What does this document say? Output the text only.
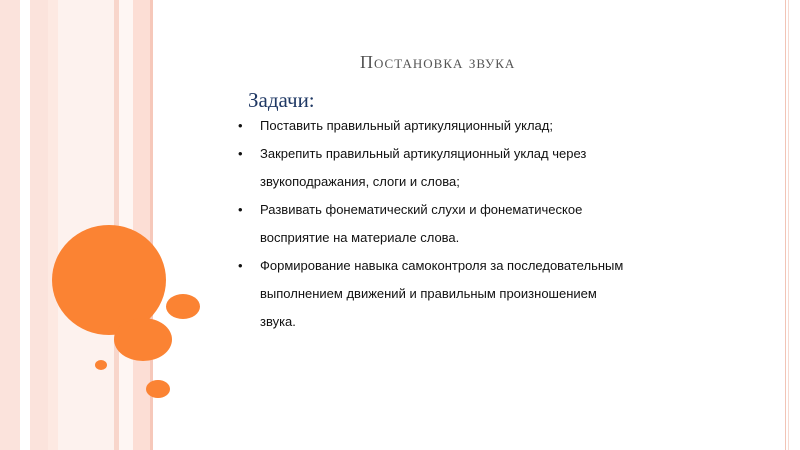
Постановка звука
Задачи:
• Поставить правильный артикуляционный уклад;
• Закрепить правильный артикуляционный уклад через
звукоподражания, слоги и слова;
• Развивать фонематический слухи и фонематическое
восприятие на материале слова.
• Формирование навыка самоконтроля за последовательным
выполнением движений и правильным произношением
звука.
